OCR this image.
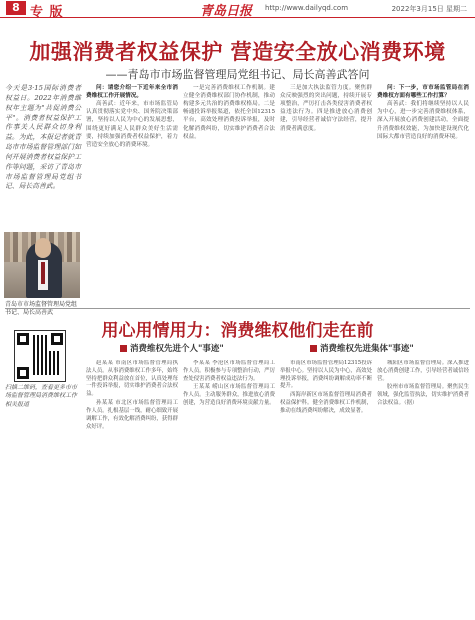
8 专 版	青岛日报 http://www.dailyqd.com	2022年3月15日 星期二
加强消费者权益保护 营造安全放心消费环境
——青岛市市场监督管理局党组书记、局长高善武答问
今天是3·15国际消费者权益日。2022年消费维权年主题为"共促消费公平"。消费者权益保护工作事关人民群众切身利益。为此，本报记者就青岛市市场监督管理部门如何开展消费者权益保护工作等问题，采访了青岛市市场监督管理局党组书记、局长高善武。
青岛市市场监督管理局党组书记、局长高善武

问：请您介绍一下近年来全市消费维权工作开展情况。

高善武：近年来，市市场监管局认真贯彻落实党中央、国务院决策部署，坚持以人民为中心的发展思想，围绕更好满足人民群众美好生活需要，持续加强消费者权益保护，着力营造安全放心的消费环境。

一是完善消费维权工作机制。建立健全消费维权部门协作机制，推动构建多元共治的消费维权格局。二是畅通投诉举报渠道，依托全国12315平台，高效处理消费投诉举报，及时化解消费纠纷，切实维护消费者合法权益。

三是加大执法监管力度。聚焦群众反映强烈的突出问题，持续开展专项整治，严厉打击各类侵害消费者权益违法行为。四是推进放心消费创建，引导经营者诚信守法经营，提升消费者满意度。

问：下一步，市市场监管局在消费维权方面有哪些工作打算？

高善武：我们将继续坚持以人民为中心，进一步完善消费维权体系，深入开展放心消费创建活动，全面提升消费维权效能，为加快建设现代化国际大都市营造良好的消费环境。

用心用情用力：消费维权他们走在前
消费维权先进个人"事迹"	消费维权先进集体"事迹"
扫描二维码，查看更多市市场监督管理局消费维权工作相关报道

赵某某 市南区市场监督管理局执法人员。从事消费维权工作多年，始终坚持把群众利益放在首位，认真处理每一件投诉举报，切实维护消费者合法权益。

孙某某 市北区市场监督管理局工作人员。扎根基层一线，耐心细致开展调解工作，有效化解消费纠纷，获得群众好评。

李某某 李沧区市场监督管理局工作人员。积极参与专项整治行动，严厉查处侵害消费者权益违法行为。

王某某 崂山区市场监督管理局工作人员。主动服务群众，推进放心消费创建，为营造良好消费环境贡献力量。

市南区市场监督管理局12315投诉举报中心。坚持以人民为中心，高效处理投诉举报，消费纠纷调解成功率不断提升。

西海岸新区市场监督管理局消费者权益保护科。健全消费维权工作机制，推动在线消费纠纷解决，成效显著。

城阳区市场监督管理局。深入推进放心消费创建工作，引导经营者诚信经营。

胶州市市场监督管理局。聚焦民生领域，强化监管执法，切实维护消费者合法权益。（据）
